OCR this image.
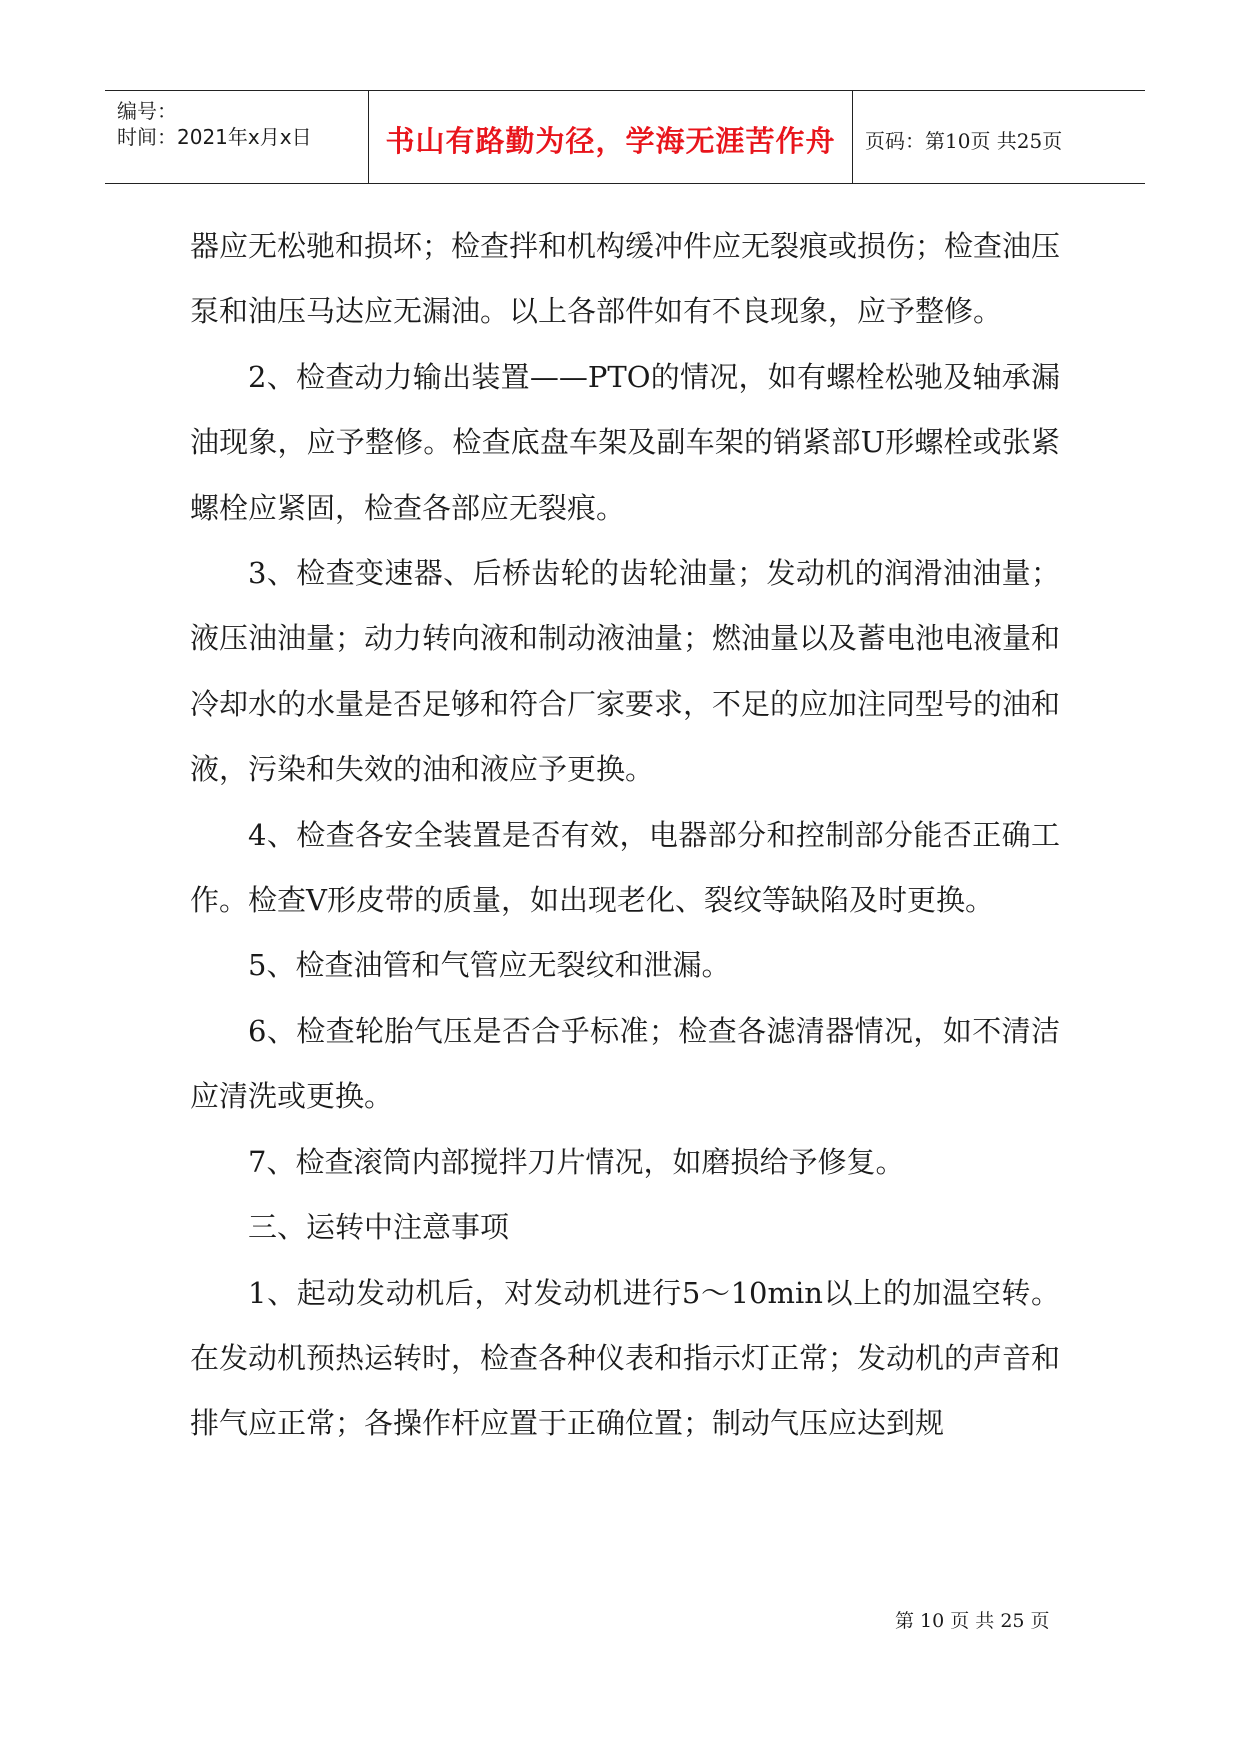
编号：
时间：2021年x月x日	书山有路勤为径，学海无涯苦作舟	页码：第10页 共25页

器应无松驰和损坏；检查拌和机构缓冲件应无裂痕或损伤；检查油压泵和油压马达应无漏油。以上各部件如有不良现象，应予整修。

2、检查动力输出装置——PTO的情况，如有螺栓松驰及轴承漏油现象，应予整修。检查底盘车架及副车架的销紧部U形螺栓或张紧螺栓应紧固，检查各部应无裂痕。

3、检查变速器、后桥齿轮的齿轮油量；发动机的润滑油油量；液压油油量；动力转向液和制动液油量；燃油量以及蓄电池电液量和冷却水的水量是否足够和符合厂家要求，不足的应加注同型号的油和液，污染和失效的油和液应予更换。

4、检查各安全装置是否有效，电器部分和控制部分能否正确工作。检查V形皮带的质量，如出现老化、裂纹等缺陷及时更换。

5、检查油管和气管应无裂纹和泄漏。

6、检查轮胎气压是否合乎标准；检查各滤清器情况，如不清洁应清洗或更换。

7、检查滚筒内部搅拌刀片情况，如磨损给予修复。

三、运转中注意事项

1、起动发动机后，对发动机进行5～10min以上的加温空转。在发动机预热运转时，检查各种仪表和指示灯正常；发动机的声音和排气应正常；各操作杆应置于正确位置；制动气压应达到规

第 10 页 共 25 页
